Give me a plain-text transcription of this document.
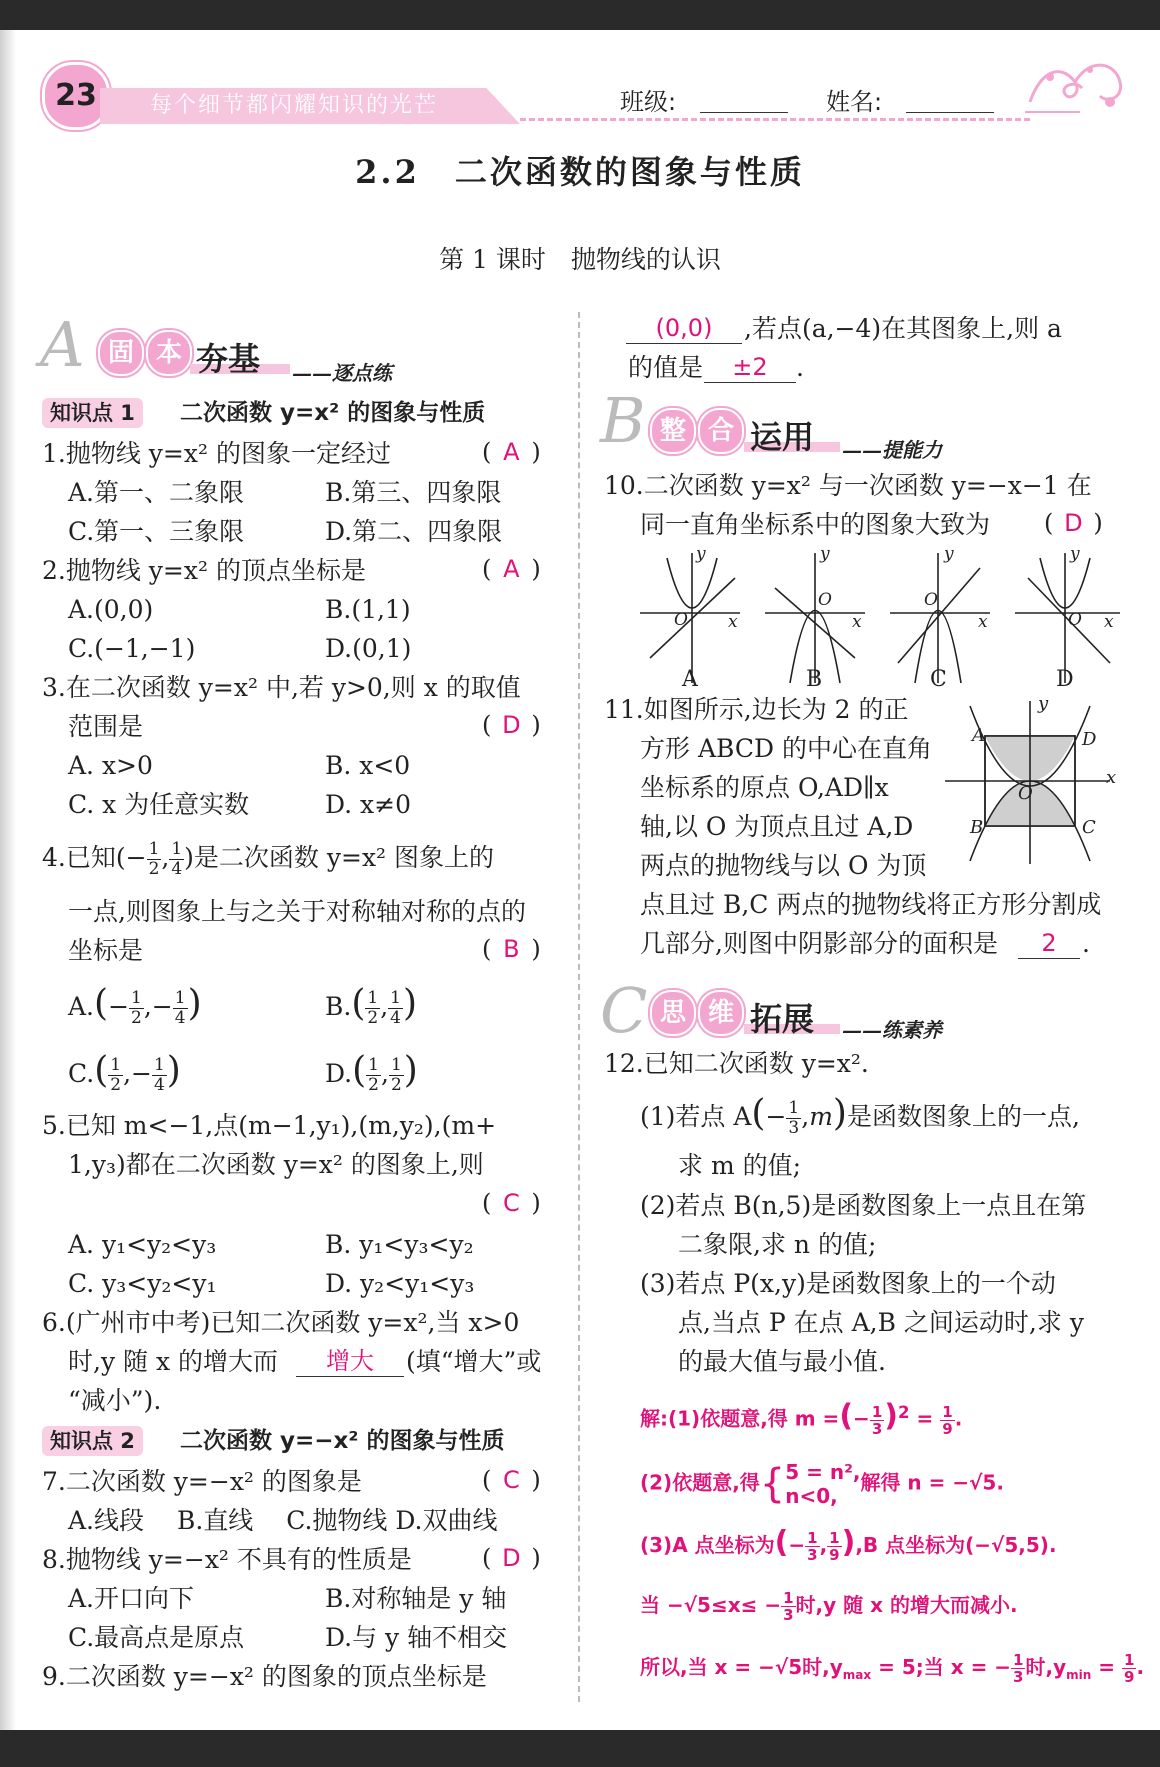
23	每个细节都闪耀知识的光芒	班级:	姓名:
2.2　二次函数的图象与性质
第 1 课时　抛物线的认识
A 固 本 夯基 ——逐点练
知识点 1	二次函数 y=x² 的图象与性质
1.抛物线 y=x² 的图象一定经过	( A )
A.第一、二象限	B.第三、四象限
C.第一、三象限	D.第二、四象限
2.抛物线 y=x² 的顶点坐标是	( A )
A.(0,0)	B.(1,1)
C.(−1,−1)	D.(0,1)
3.在二次函数 y=x² 中,若 y>0,则 x 的取值
范围是	( D )
A. x>0	B. x<0
C. x 为任意实数	D. x≠0
4.已知(− $\frac{1}{2}$ , $\frac{1}{4}$ )是二次函数 y=x² 图象上的
一点,则图象上与之关于对称轴对称的点的
坐标是	( B )
$A.(- \frac{1}{2}$ ,− $\frac{1}{4}$ )	$B.( \frac{1}{2}$ , $\frac{1}{4}$ )
$C.( \frac{1}{2}$ ,− $\frac{1}{4}$ )	$D.( \frac{1}{2}$ , $\frac{1}{2}$ )
5.已知 m<−1,点(m−1,y₁),(m,y₂),(m+
1,y₃)都在二次函数 y=x² 的图象上,则
( C )
A. y₁<y₂<y₃	B. y₁<y₃<y₂
C. y₃<y₂<y₁	D. y₂<y₁<y₃
6.(广州市中考)已知二次函数 y=x²,当 x>0
时,y 随 x 的增大而	增大	(填“增大”或
“减小”).
知识点 2	二次函数 y=−x² 的图象与性质
7.二次函数 y=−x² 的图象是	( C )
A.线段　 B.直线　 C.抛物线 D.双曲线
8.抛物线 y=−x² 不具有的性质是	( D )
A.开口向下	B.对称轴是 y 轴
C.最高点是原点	D.与 y 轴不相交
9.二次函数 y=−x² 的图象的顶点坐标是
(0,0)	,若点(a,−4)在其图象上,则 a
的值是	±2	.
B 整 合 运用 ——提能力
10.二次函数 y=x² 与一次函数 y=−x−1 在
同一直角坐标系中的图象大致为 ( D )
y
x
O
y
x
O
y
x
O
y
x
O
A	B	C	D
11.如图所示,边长为 2 的正
方形 ABCD 的中心在直角
坐标系的原点 O,AD∥x
轴,以 O 为顶点且过 A,D
两点的抛物线与以 O 为顶
点且过 B,C 两点的抛物线将正方形分割成
几部分,则图中阴影部分的面积是	2	.
A	D
B	C
O
x
y
C 思 维 拓展 ——练素养
12.已知二次函数 y=x².
(1)若点 $A(- \frac{1}{3} ,m)$是函数图象上的一点,
求 m 的值;
(2)若点 B(n,5)是函数图象上一点且在第
二象限,求 n 的值;
(3)若点 P(x,y)是函数图象上的一个动
点,当点 P 在点 A,B 之间运动时,求 y
的最大值与最小值.
解:(1)依题意,得 m =(− $\frac{1}{3} )^2 = \frac{1}{9}$ .
(2)依题意,得{ 5 = n²,
n<0,
解得 n = −√5.
(3)A 点坐标为(− $\frac{1}{3}$ , $\frac{1}{9} ),B$ 点坐标为(−√5,5).
当 $-√5\le x\le - \frac{1}{3}$ 时,y 随 x 的增大而减小.
所以,当 x = −√5时$,y_{max} = 5$;当 x = − $\frac{1}{3}$ 时$,y_{min} = \frac{1}{9}$ .
